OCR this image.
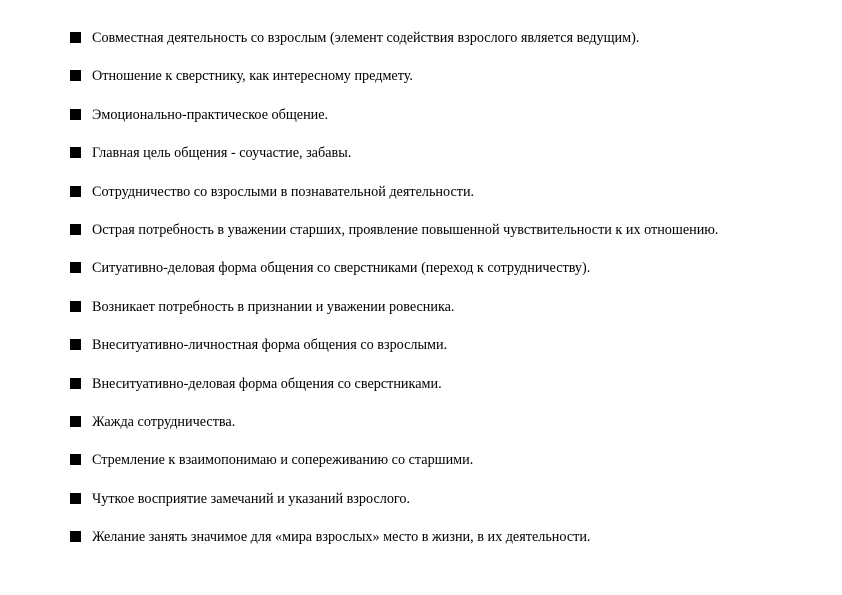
Совместная деятельность со взрослым (элемент содействия взрослого является ведущим).
Отношение к сверстнику, как интересному предмету.
Эмоционально-практическое общение.
Главная цель общения - соучастие, забавы.
Сотрудничество со взрослыми в познавательной деятельности.
Острая потребность в уважении старших, проявление повышенной чувствительности к их отношению.
Ситуативно-деловая форма общения со сверстниками (переход к сотрудничеству).
Возникает потребность в признании и уважении ровесника.
Внеситуативно-личностная форма общения со взрослыми.
Внеситуативно-деловая форма общения со сверстниками.
Жажда сотрудничества.
Стремление к взаимопонимаю и сопереживанию со старшими.
Чуткое восприятие замечаний и указаний взрослого.
Желание занять значимое для «мира взрослых» место в жизни, в их деятельности.
